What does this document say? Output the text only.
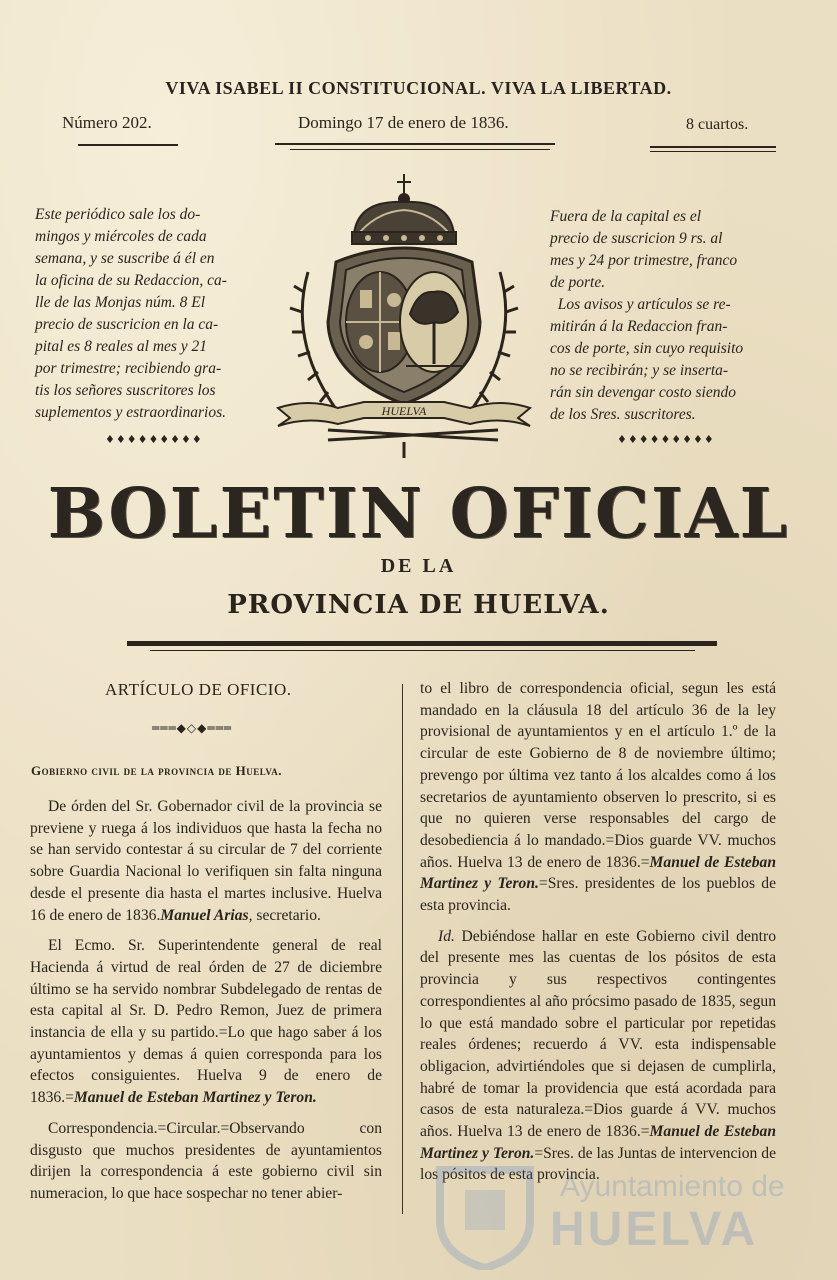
VIVA ISABEL II CONSTITUCIONAL. VIVA LA LIBERTAD.
Número 202.	Domingo 17 de enero de 1836.	8 cuartos.
Este periódico sale los do-
mingos y miércoles de cada
semana, y se suscribe á él en
la oficina de su Redaccion, ca-
lle de las Monjas núm. 8 El
precio de suscricion en la ca-
pital es 8 reales al mes y 21
por trimestre; recibiendo gra-
tis los señores suscritores los
suplementos y estraordinarios.
Fuera de la capital es el
precio de suscricion 9 rs. al
mes y 24 por trimestre, franco
de porte.
Los avisos y artículos se re-
mitirán á la Redaccion fran-
cos de porte, sin cuyo requisito
no se recibirán; y se inserta-
rán sin devengar costo siendo
de los Sres. suscritores.
♦♦♦♦♦♦♦♦♦	♦♦♦♦♦♦♦♦♦
HUELVA
BOLETIN OFICIAL
DE LA
PROVINCIA DE HUELVA.
ARTÍCULO DE OFICIO.
═══◆◇◆═══
Gobierno civil de la provincia de Huelva.

De órden del Sr. Gobernador civil de la provincia se previene y ruega á los individuos que hasta la fecha no se han servido contestar á su circular de 7 del corriente sobre Guardia Nacional lo verifiquen sin falta ninguna desde el presente dia hasta el martes inclusive. Huelva 16 de enero de 1836.Manuel Arias, secretario.

El Ecmo. Sr. Superintendente general de real Hacienda á virtud de real órden de 27 de diciembre último se ha servido nombrar Subdelegado de rentas de esta capital al Sr. D. Pedro Remon, Juez de primera instancia de ella y su partido.=Lo que hago saber á los ayuntamientos y demas á quien corresponda para los efectos consiguientes. Huelva 9 de enero de 1836.=Manuel de Esteban Martinez y Teron.

Correspondencia.=Circular.=Observando con disgusto que muchos presidentes de ayuntamientos dirijen la correspondencia á este gobierno civil sin numeracion, lo que hace sospechar no tener abier-

to el libro de correspondencia oficial, segun les está mandado en la cláusula 18 del artículo 36 de la ley provisional de ayuntamientos y en el artículo 1.º de la circular de este Gobierno de 8 de noviembre último; prevengo por última vez tanto á los alcaldes como á los secretarios de ayuntamiento observen lo prescrito, si es que no quieren verse responsables del cargo de desobediencia á lo mandado.=Dios guarde VV. muchos años. Huelva 13 de enero de 1836.=Manuel de Esteban Martinez y Teron.=Sres. presidentes de los pueblos de esta provincia.

Id. Debiéndose hallar en este Gobierno civil dentro del presente mes las cuentas de los pósitos de esta provincia y sus respectivos contingentes correspondientes al año prócsimo pasado de 1835, segun lo que está mandado sobre el particular por repetidas reales órdenes; recuerdo á VV. esta indispensable obligacion, advirtiéndoles que si dejasen de cumplirla, habré de tomar la providencia que está acordada para casos de esta naturaleza.=Dios guarde á VV. muchos años. Huelva 13 de enero de 1836.=Manuel de Esteban Martinez y Teron.=Sres. de las Juntas de intervencion de los pósitos de esta provincia.

Ayuntamiento de
HUELVA
